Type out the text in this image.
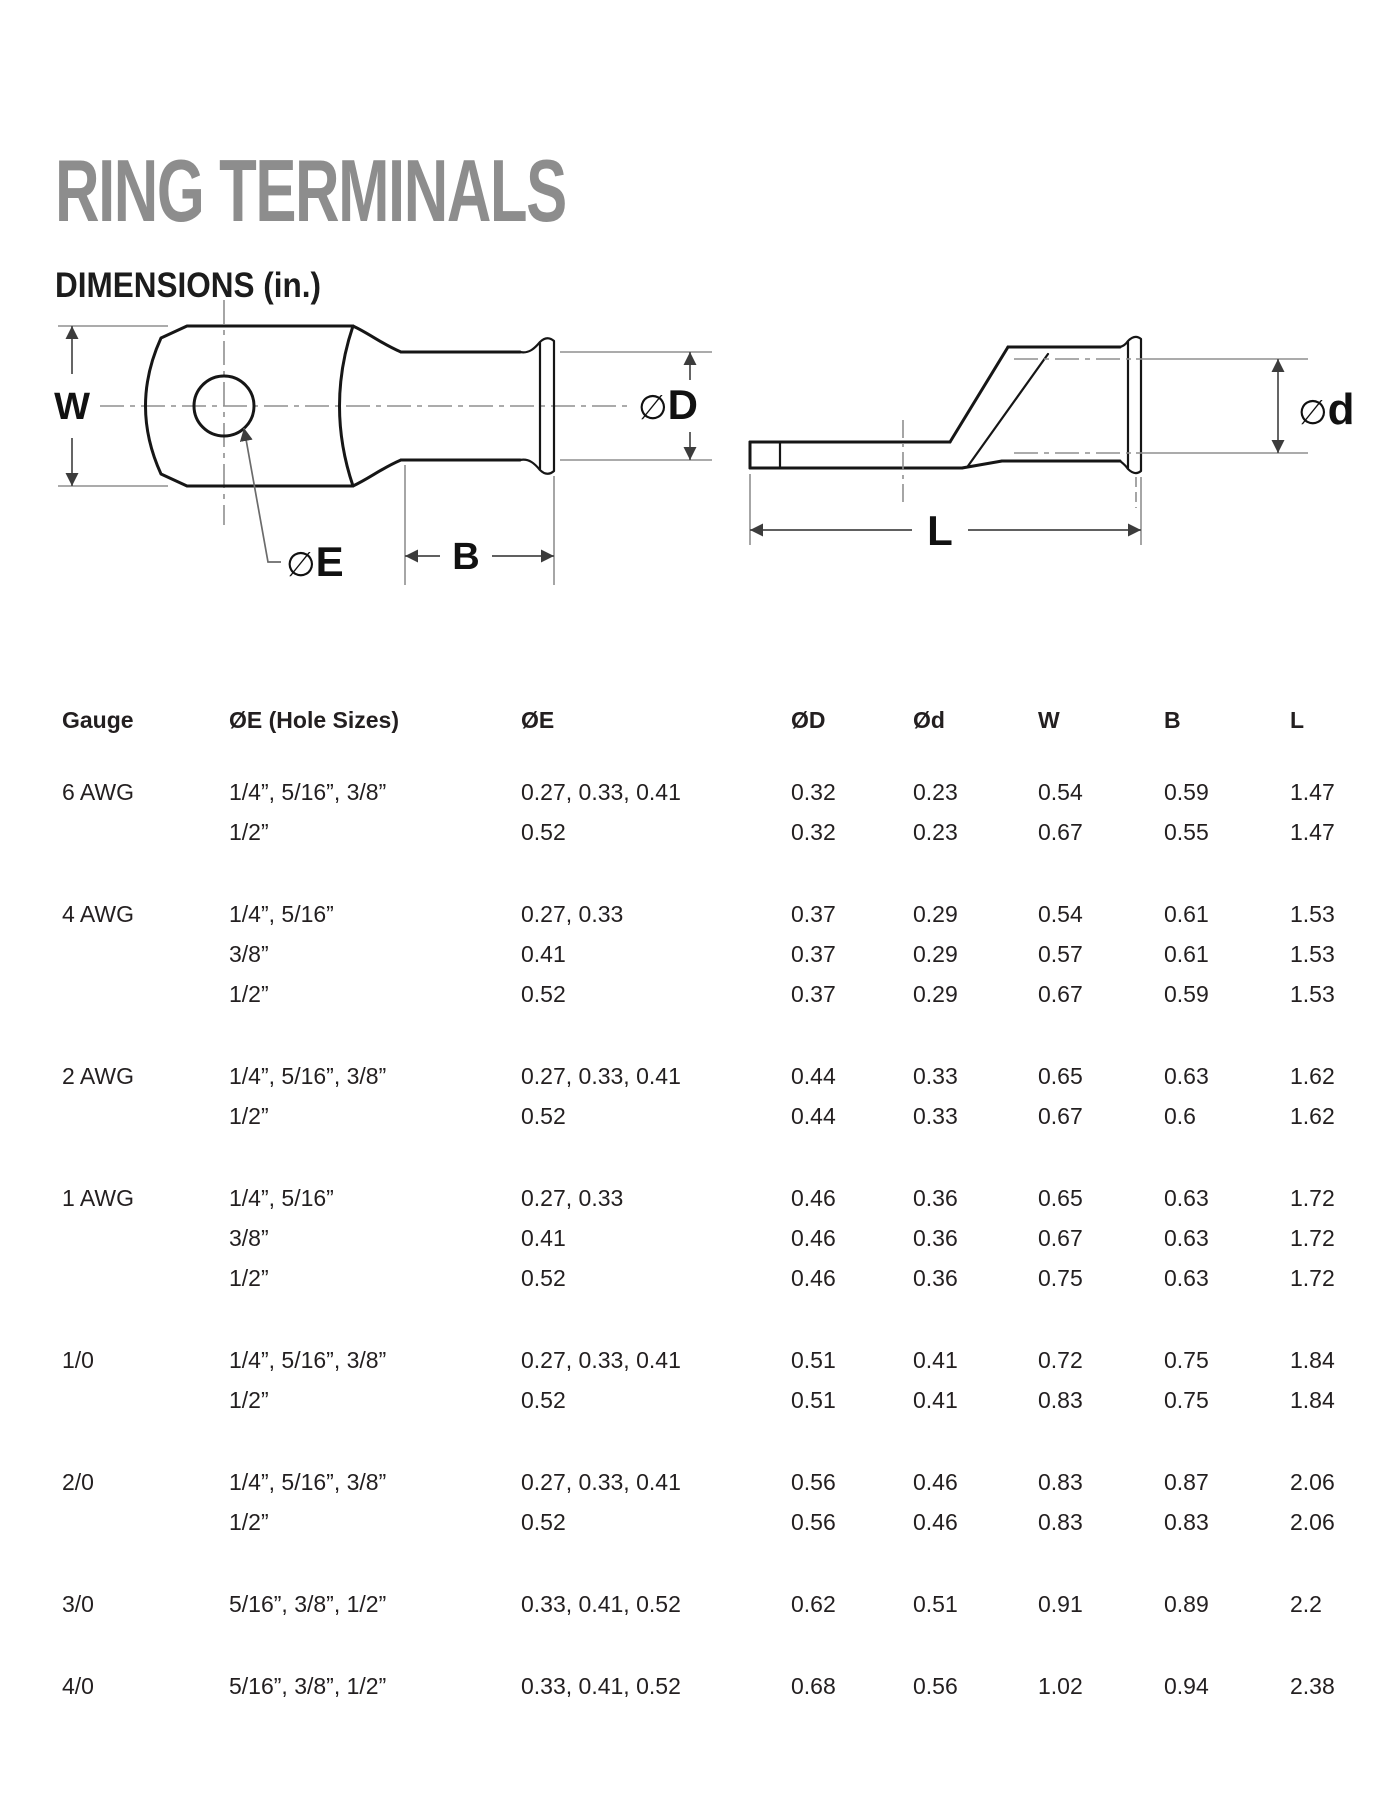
RING TERMINALS
DIMENSIONS (in.)
W	∅D
∅E	B
∅d
L
Gauge	ØE (Hole Sizes)	ØE	ØD	Ød	W	B	L
6 AWG	1/4”, 5/16”, 3/8”	0.27, 0.33, 0.41	0.32	0.23	0.54	0.59	1.47
1/2”	0.52	0.32	0.23	0.67	0.55	1.47
4 AWG	1/4”, 5/16”	0.27, 0.33	0.37	0.29	0.54	0.61	1.53
3/8”	0.41	0.37	0.29	0.57	0.61	1.53
1/2”	0.52	0.37	0.29	0.67	0.59	1.53
2 AWG	1/4”, 5/16”, 3/8”	0.27, 0.33, 0.41	0.44	0.33	0.65	0.63	1.62
1/2”	0.52	0.44	0.33	0.67	0.6	1.62
1 AWG	1/4”, 5/16”	0.27, 0.33	0.46	0.36	0.65	0.63	1.72
3/8”	0.41	0.46	0.36	0.67	0.63	1.72
1/2”	0.52	0.46	0.36	0.75	0.63	1.72
1/0	1/4”, 5/16”, 3/8”	0.27, 0.33, 0.41	0.51	0.41	0.72	0.75	1.84
1/2”	0.52	0.51	0.41	0.83	0.75	1.84
2/0	1/4”, 5/16”, 3/8”	0.27, 0.33, 0.41	0.56	0.46	0.83	0.87	2.06
1/2”	0.52	0.56	0.46	0.83	0.83	2.06
3/0	5/16”, 3/8”, 1/2”	0.33, 0.41, 0.52	0.62	0.51	0.91	0.89	2.2
4/0	5/16”, 3/8”, 1/2”	0.33, 0.41, 0.52	0.68	0.56	1.02	0.94	2.38
